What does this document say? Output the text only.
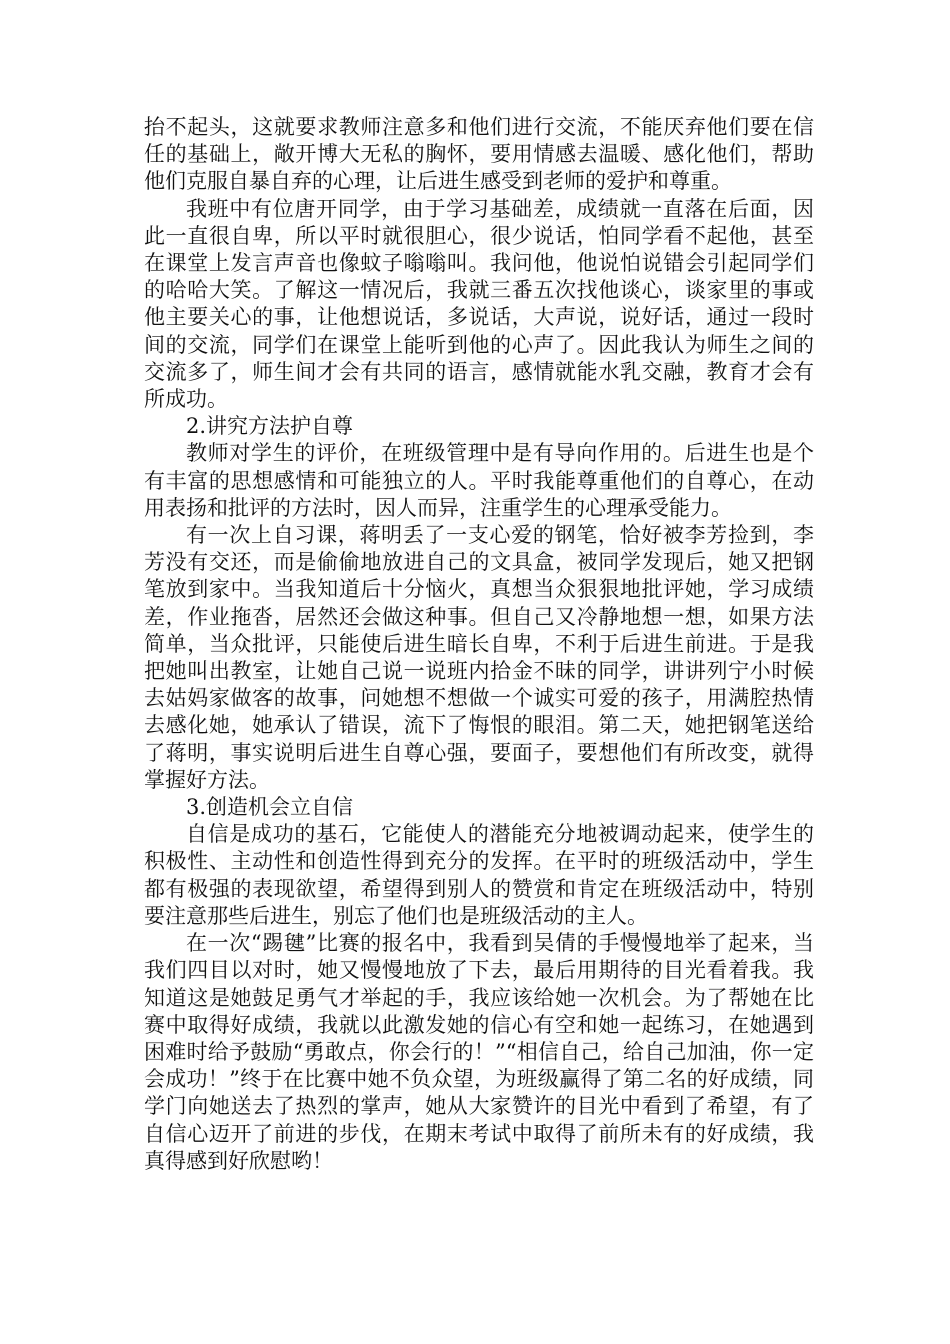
抬不起头，这就要求教师注意多和他们进行交流，不能厌弃他们要在信任的基础上，敞开博大无私的胸怀，要用情感去温暖、感化他们，帮助他们克服自暴自弃的心理，让后进生感受到老师的爱护和尊重。

我班中有位唐开同学，由于学习基础差，成绩就一直落在后面，因此一直很自卑，所以平时就很胆心，很少说话，怕同学看不起他，甚至在课堂上发言声音也像蚊子嗡嗡叫。我问他，他说怕说错会引起同学们的哈哈大笑。了解这一情况后，我就三番五次找他谈心，谈家里的事或他主要关心的事，让他想说话，多说话，大声说，说好话，通过一段时间的交流，同学们在课堂上能听到他的心声了。因此我认为师生之间的交流多了，师生间才会有共同的语言，感情就能水乳交融，教育才会有所成功。

2.讲究方法护自尊

教师对学生的评价，在班级管理中是有导向作用的。后进生也是个有丰富的思想感情和可能独立的人。平时我能尊重他们的自尊心，在动用表扬和批评的方法时，因人而异，注重学生的心理承受能力。

有一次上自习课，蒋明丢了一支心爱的钢笔，恰好被李芳捡到，李芳没有交还，而是偷偷地放进自己的文具盒，被同学发现后，她又把钢笔放到家中。当我知道后十分恼火，真想当众狠狠地批评她，学习成绩差，作业拖沓，居然还会做这种事。但自己又冷静地想一想，如果方法简单，当众批评，只能使后进生暗长自卑，不利于后进生前进。于是我把她叫出教室，让她自己说一说班内拾金不昧的同学，讲讲列宁小时候去姑妈家做客的故事，问她想不想做一个诚实可爱的孩子，用满腔热情去感化她，她承认了错误，流下了悔恨的眼泪。第二天，她把钢笔送给了蒋明，事实说明后进生自尊心强，要面子，要想他们有所改变，就得掌握好方法。

3.创造机会立自信

自信是成功的基石，它能使人的潜能充分地被调动起来，使学生的积极性、主动性和创造性得到充分的发挥。在平时的班级活动中，学生都有极强的表现欲望，希望得到别人的赞赏和肯定在班级活动中，特别要注意那些后进生，别忘了他们也是班级活动的主人。

在一次“踢毽”比赛的报名中，我看到吴倩的手慢慢地举了起来，当我们四目以对时，她又慢慢地放了下去，最后用期待的目光看着我。我知道这是她鼓足勇气才举起的手，我应该给她一次机会。为了帮她在比赛中取得好成绩，我就以此激发她的信心有空和她一起练习，在她遇到困难时给予鼓励“勇敢点，你会行的！”“相信自己，给自己加油，你一定会成功！”终于在比赛中她不负众望，为班级赢得了第二名的好成绩，同学门向她送去了热烈的掌声，她从大家赞许的目光中看到了希望，有了自信心迈开了前进的步伐，在期末考试中取得了前所未有的好成绩，我真得感到好欣慰哟！
